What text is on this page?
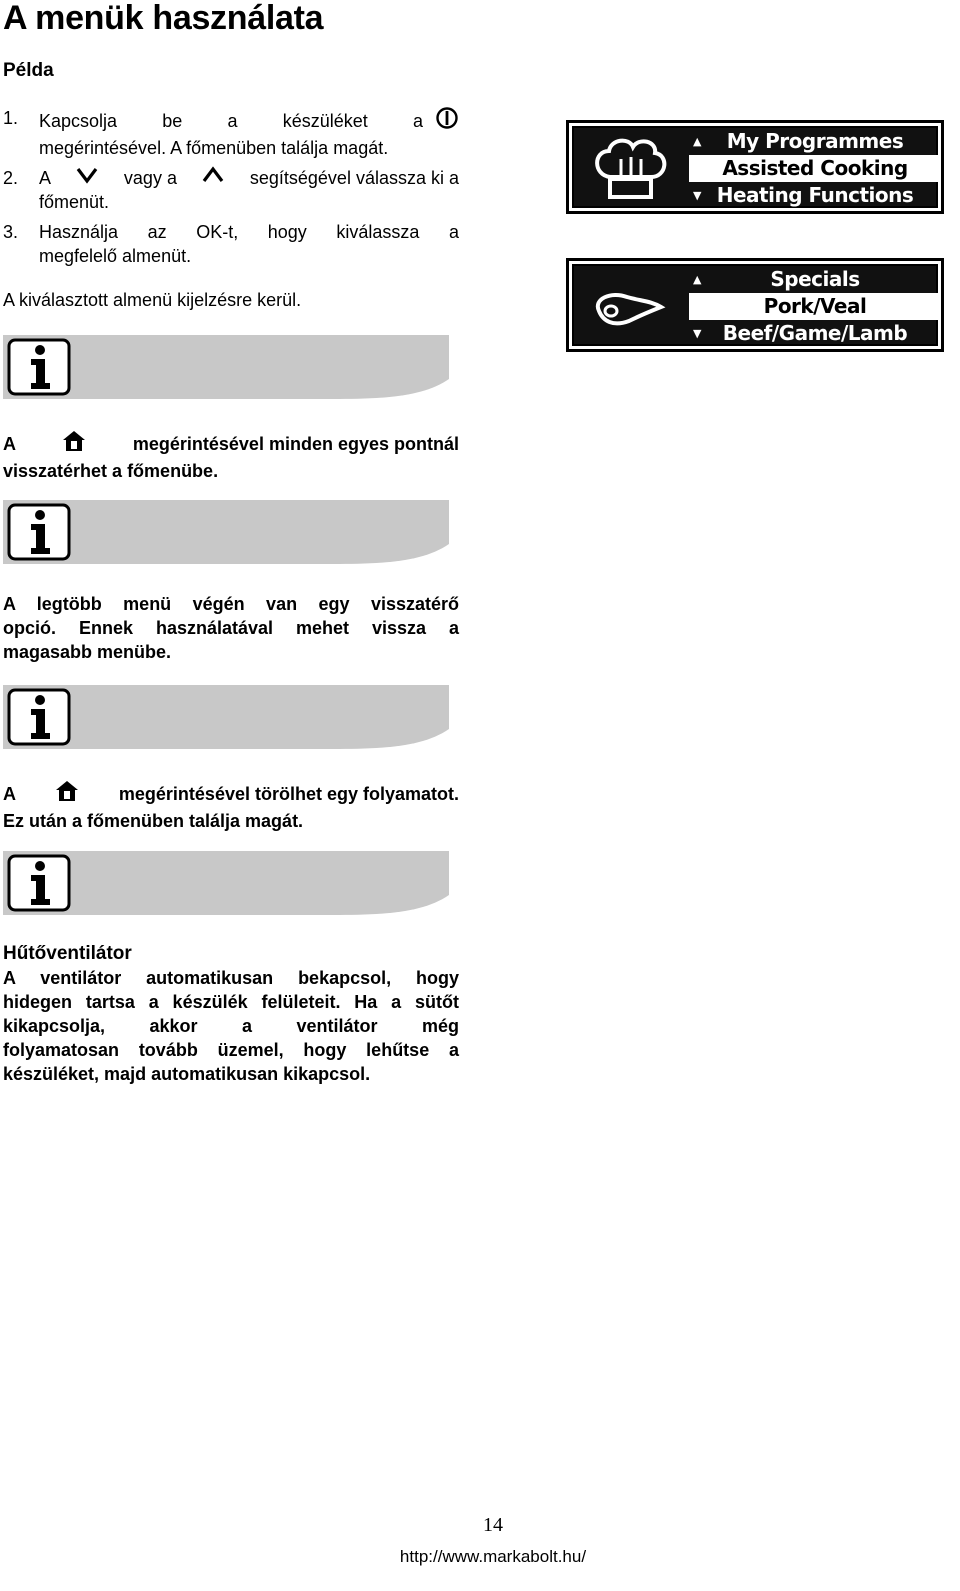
A menük használata
Példa
1.	Kapcsolja be a készüléket a
megérintésével. A főmenüben találja magát.
2.	A	vagy a	segítségével válassza ki a
főmenüt.
3.	Használja az OK-t, hogy kiválassza a
megfelelő almenüt.
A kiválasztott almenü kijelzésre kerül.
▲ My Programmes
Assisted Cooking
▼ Heating Functions
▲	Specials
Pork/Veal
▼ Beef/Game/Lamb
A	megérintésével minden egyes pontnál
visszatérhet a főmenübe.
A legtöbb menü végén van egy visszatérő
opció. Ennek használatával mehet vissza a
magasabb menübe.
A	megérintésével törölhet egy folyamatot.
Ez után a főmenüben találja magát.
Hűtőventilátor
A ventilátor automatikusan bekapcsol, hogy
hidegen tartsa a készülék felületeit. Ha a sütőt
kikapcsolja, akkor a ventilátor még
folyamatosan tovább üzemel, hogy lehűtse a
készüléket, majd automatikusan kikapcsol.
14
http://www.markabolt.hu/
